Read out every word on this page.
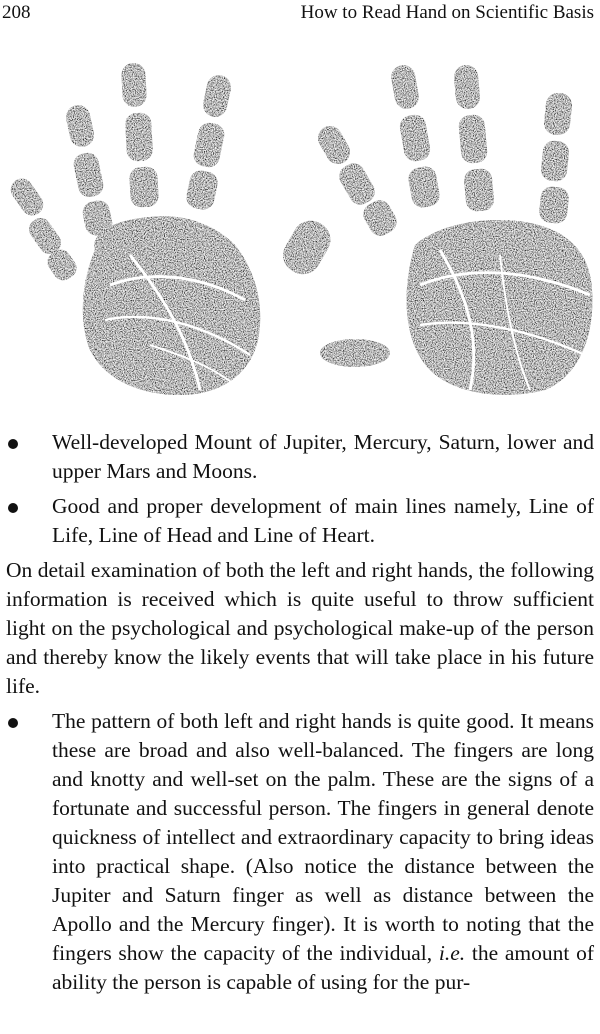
208	How to Read Hand on Scientific Basis
Well-developed Mount of Jupiter, Mercury, Saturn, lower and upper Mars and Moons.
Good and proper development of main lines namely, Line of Life, Line of Head and Line of Heart.
On detail examination of both the left and right hands, the following information is received which is quite useful to throw sufficient light on the psychological and psychological make-up of the person and thereby know the likely events that will take place in his future life.
The pattern of both left and right hands is quite good. It means these are broad and also well-balanced. The fingers are long and knotty and well-set on the palm. These are the signs of a fortunate and successful person. The fingers in general denote quickness of intellect and extraordinary capacity to bring ideas into practical shape. (Also notice the distance between the Jupiter and Saturn finger as well as distance between the Apollo and the Mercury finger). It is worth to noting that the fingers show the capacity of the individual, i.e. the amount of ability the person is capable of using for the pur-
